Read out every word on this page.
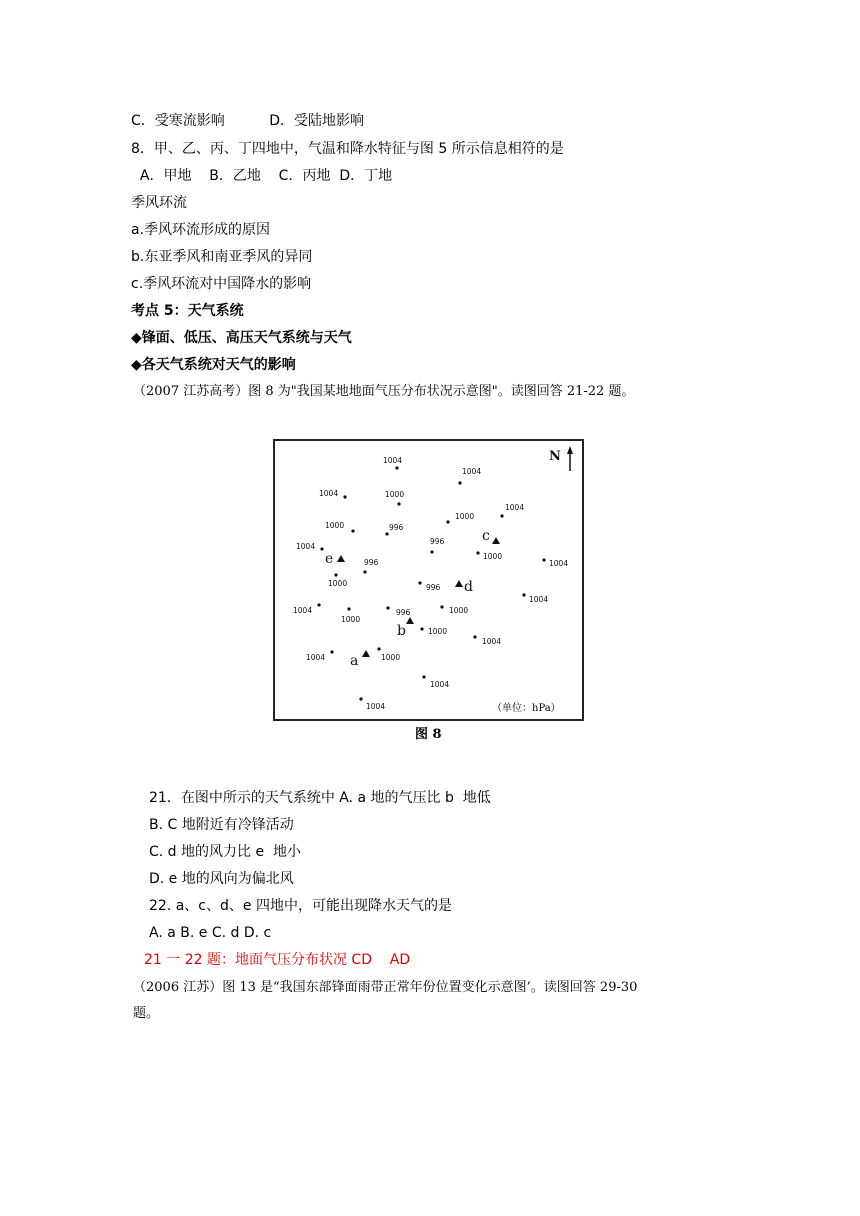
C．受寒流影响          D．受陆地影响
8．甲、乙、丙、丁四地中，气温和降水特征与图 5 所示信息相符的是
A．甲地    B．乙地    C．丙地  D．丁地
季风环流
a.季风环流形成的原因
b.东亚季风和南亚季风的异同
c.季风环流对中国降水的影响
考点 5：天气系统
◆锋面、低压、高压天气系统与天气
◆各天气系统对天气的影响
（2007 江苏高考）图 8 为"我国某地地面气压分布状况示意图"。读图回答 21-22 题。
N
1004
1004
1004	1000
1004
1000	996
1000
1004
996
1000
1004
996
1000	996
1004
1004
1000
996	1000
1000
1004
1004	1000
1004
1004
a
b
c
d
e
（单位：hPa）
图 8
21．在图中所示的天气系统中 A. a 地的气压比 b  地低
B. C 地附近有冷锋活动
C. d 地的风力比 e  地小
D. e 地的风向为偏北风
22. a、c、d、e 四地中，可能出现降水天气的是
A. a B. e C. d D. c
21 一 22 题：地面气压分布状况 CD    AD
（2006 江苏）图 13 是“我国东部锋面雨带正常年份位置变化示意图’。读图回答 29-30
题。
